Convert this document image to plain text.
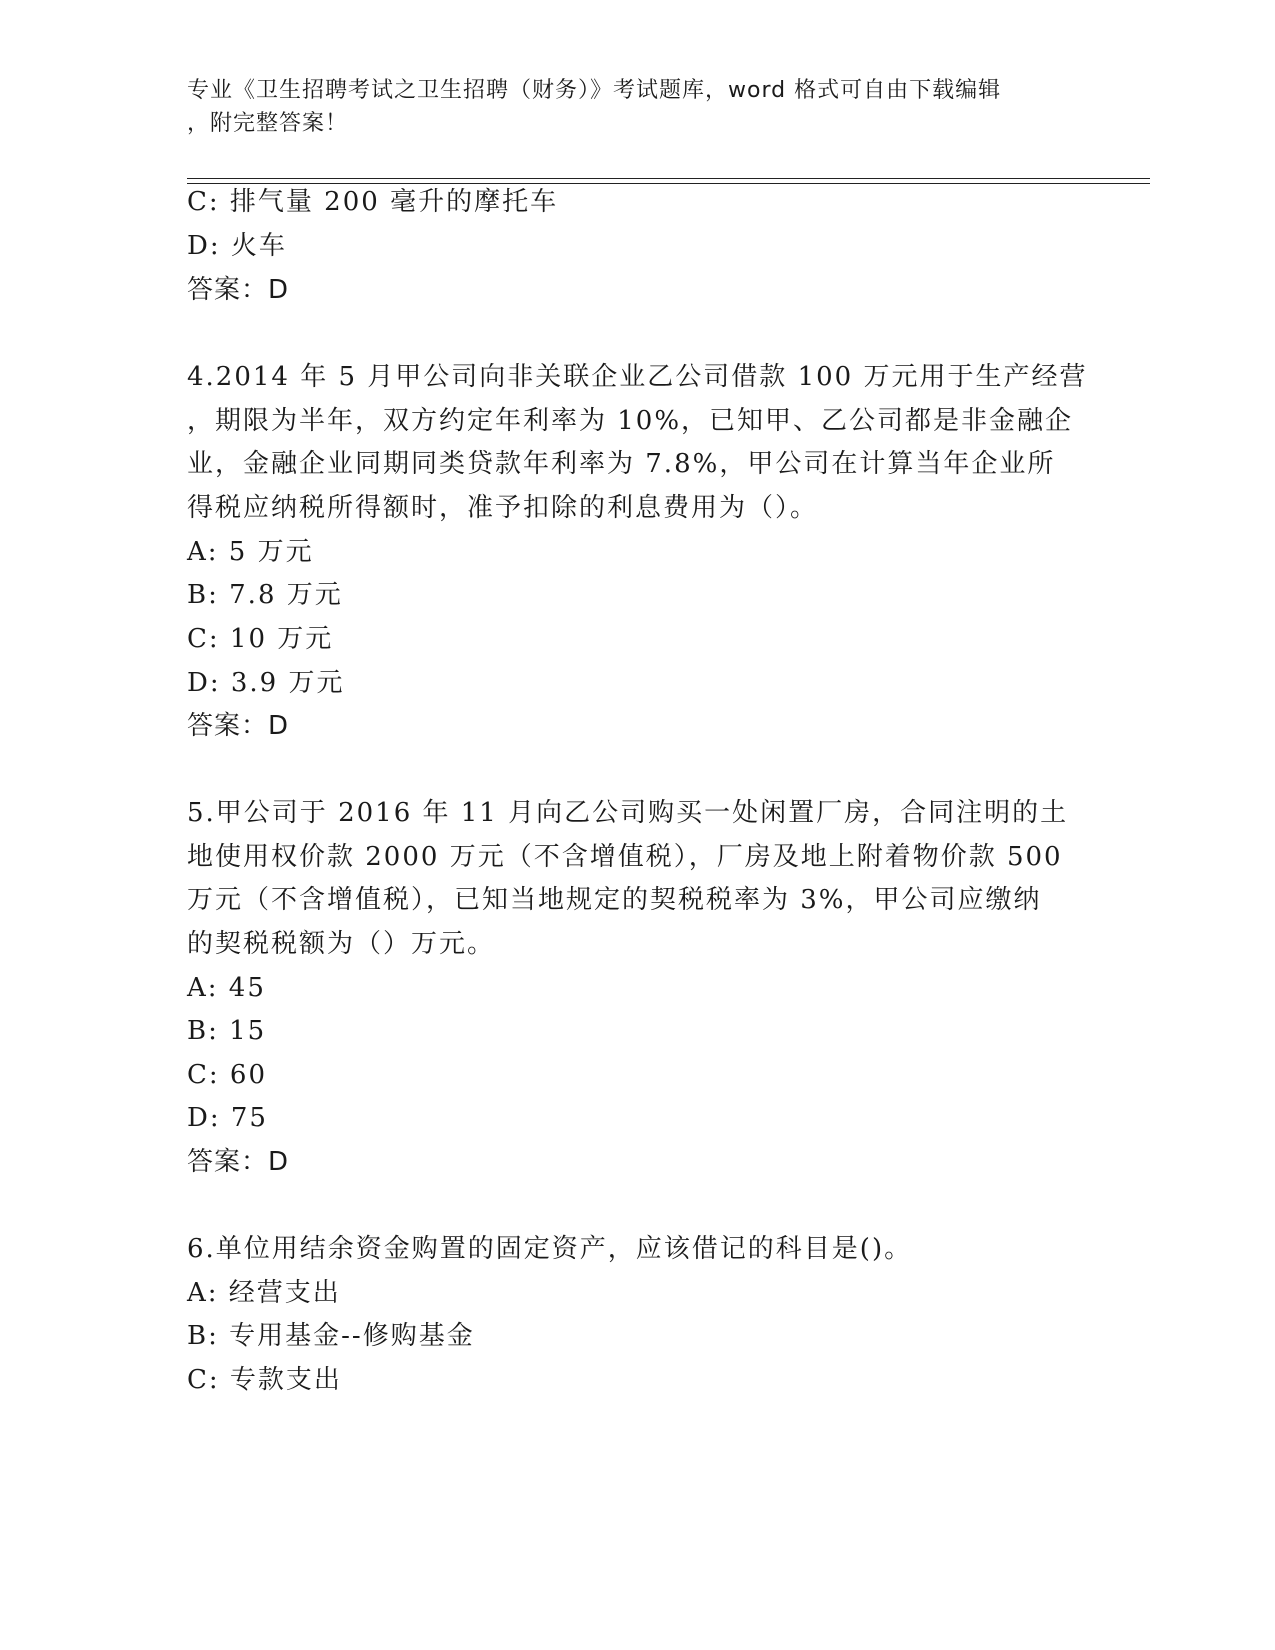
专业《卫生招聘考试之卫生招聘（财务）》考试题库，word 格式可自由下载编辑
，附完整答案！
C: 排气量 200 毫升的摩托车
D: 火车
答案：D
4.2014 年 5 月甲公司向非关联企业乙公司借款 100 万元用于生产经营
，期限为半年，双方约定年利率为 10%，已知甲、乙公司都是非金融企
业，金融企业同期同类贷款年利率为 7.8%，甲公司在计算当年企业所
得税应纳税所得额时，准予扣除的利息费用为（）。
A: 5 万元
B: 7.8 万元
C: 10 万元
D: 3.9 万元
答案：D
5.甲公司于 2016 年 11 月向乙公司购买一处闲置厂房，合同注明的土
地使用权价款 2000 万元（不含增值税），厂房及地上附着物价款 500
万元（不含增值税），已知当地规定的契税税率为 3%，甲公司应缴纳
的契税税额为（）万元。
A: 45
B: 15
C: 60
D: 75
答案：D
6.单位用结余资金购置的固定资产，应该借记的科目是()。
A: 经营支出
B: 专用基金--修购基金
C: 专款支出
